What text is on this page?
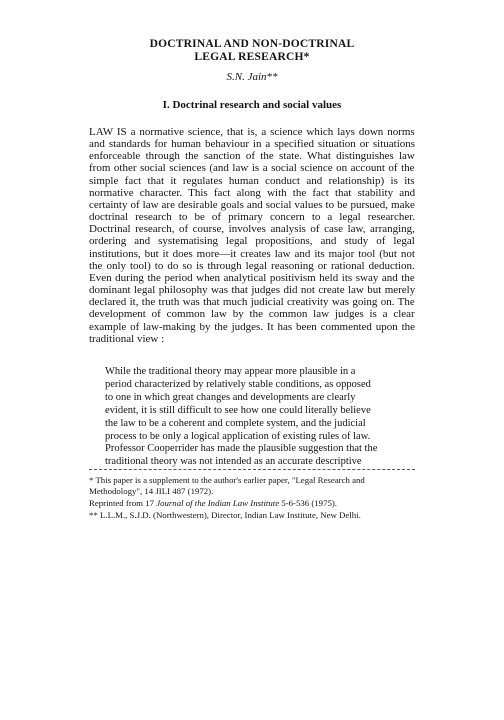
DOCTRINAL AND NON-DOCTRINAL
LEGAL RESEARCH*
S.N. Jain**
I. Doctrinal research and social values
LAW IS a normative science, that is, a science which lays down norms
and standards for human behaviour in a specified situation or situations
enforceable through the sanction of the state. What distinguishes law
from other social sciences (and law is a social science on account of the
simple fact that it regulates human conduct and relationship) is its
normative character. This fact along with the fact that stability and
certainty of law are desirable goals and social values to be pursued, make
doctrinal research to be of primary concern to a legal researcher.
Doctrinal research, of course, involves analysis of case law, arranging,
ordering and systematising legal propositions, and study of legal
institutions, but it does more—it creates law and its major tool (but not
the only tool) to do so is through legal reasoning or rational deduction.
Even during the period when analytical positivism held its sway and the
dominant legal philosophy was that judges did not create law but merely
declared it, the truth was that much judicial creativity was going on. The
development of common law by the common law judges is a clear
example of law-making by the judges. It has been commented upon the
traditional view :
While the traditional theory may appear more plausible in a
period characterized by relatively stable conditions, as opposed
to one in which great changes and developments are clearly
evident, it is still difficult to see how one could literally believe
the law to be a coherent and complete system, and the judicial
process to be only a logical application of existing rules of law.
Professor Cooperrider has made the plausible suggestion that the
traditional theory was not intended as an accurate descriptive
* This paper is a supplement to the author's earlier paper, "Legal Research and
Methodology", 14 JILI 487 (1972).
Reprinted from 17 Journal of the Indian Law Institute 5-6-536 (1975).
** L.L.M., S.J.D. (Northwestern), Director, Indian Law Institute, New Delhi.
